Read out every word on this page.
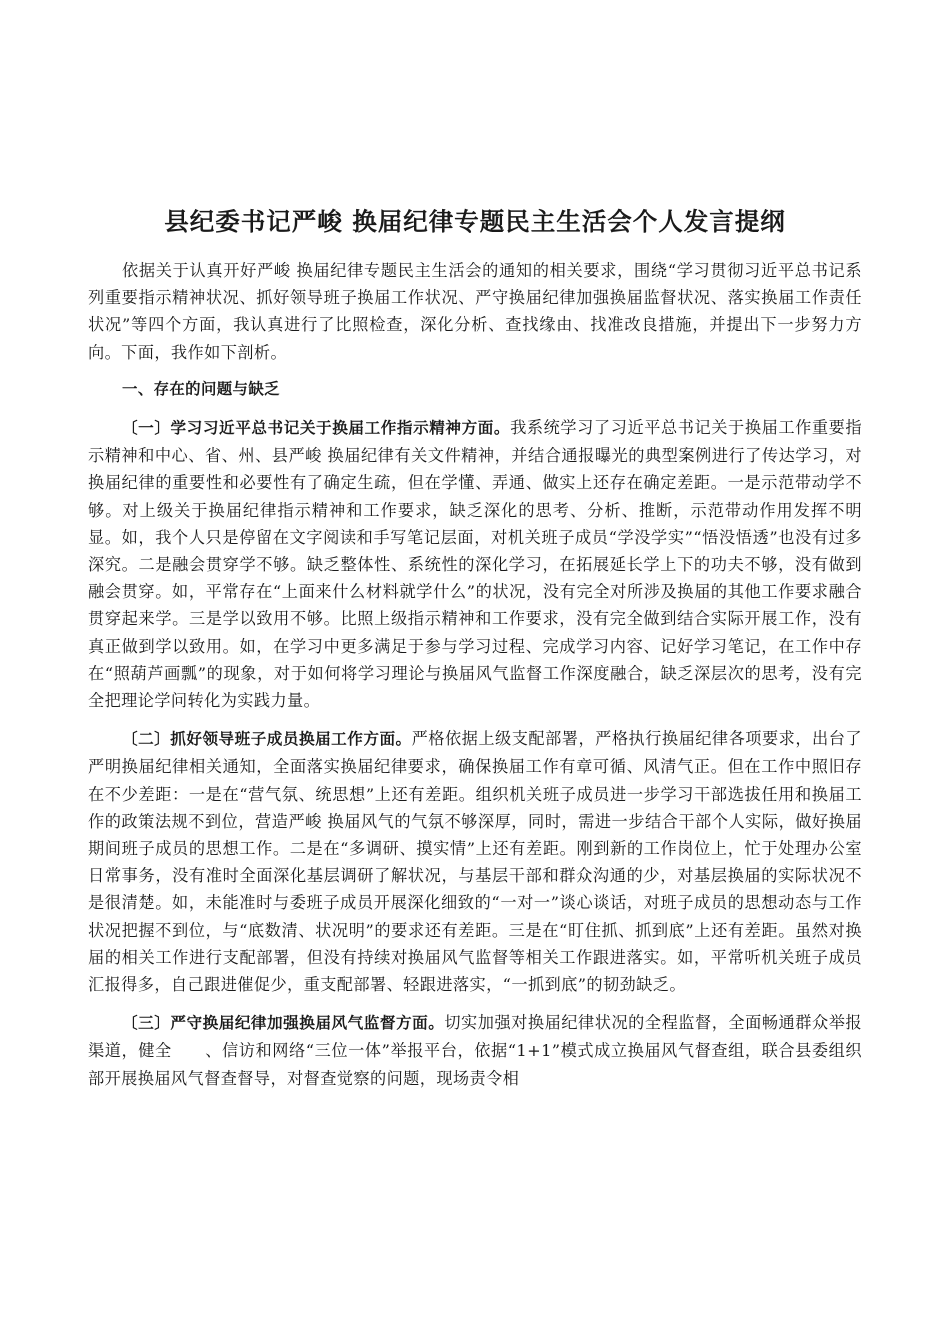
县纪委书记严峻 换届纪律专题民主生活会个人发言提纲

依据关于认真开好严峻 换届纪律专题民主生活会的通知的相关要求，围绕“学习贯彻习近平总书记系列重要指示精神状况、抓好领导班子换届工作状况、严守换届纪律加强换届监督状况、落实换届工作责任状况”等四个方面，我认真进行了比照检查，深化分析、查找缘由、找准改良措施，并提出下一步努力方向。下面，我作如下剖析。

一、存在的问题与缺乏

〔一〕学习习近平总书记关于换届工作指示精神方面。我系统学习了习近平总书记关于换届工作重要指示精神和中心、省、州、县严峻 换届纪律有关文件精神，并结合通报曝光的典型案例进行了传达学习，对换届纪律的重要性和必要性有了确定生疏，但在学懂、弄通、做实上还存在确定差距。一是示范带动学不够。对上级关于换届纪律指示精神和工作要求，缺乏深化的思考、分析、推断，示范带动作用发挥不明显。如，我个人只是停留在文字阅读和手写笔记层面，对机关班子成员“学没学实”“悟没悟透”也没有过多深究。二是融会贯穿学不够。缺乏整体性、系统性的深化学习，在拓展延长学上下的功夫不够，没有做到融会贯穿。如，平常存在“上面来什么材料就学什么”的状况，没有完全对所涉及换届的其他工作要求融合贯穿起来学。三是学以致用不够。比照上级指示精神和工作要求，没有完全做到结合实际开展工作，没有真正做到学以致用。如，在学习中更多满足于参与学习过程、完成学习内容、记好学习笔记，在工作中存在“照葫芦画瓢”的现象，对于如何将学习理论与换届风气监督工作深度融合，缺乏深层次的思考，没有完全把理论学问转化为实践力量。

〔二〕抓好领导班子成员换届工作方面。严格依据上级支配部署，严格执行换届纪律各项要求，出台了严明换届纪律相关通知，全面落实换届纪律要求，确保换届工作有章可循、风清气正。但在工作中照旧存在不少差距：一是在“营气氛、统思想”上还有差距。组织机关班子成员进一步学习干部选拔任用和换届工作的政策法规不到位，营造严峻 换届风气的气氛不够深厚，同时，需进一步结合干部个人实际，做好换届期间班子成员的思想工作。二是在“多调研、摸实情”上还有差距。刚到新的工作岗位上，忙于处理办公室日常事务，没有准时全面深化基层调研了解状况，与基层干部和群众沟通的少，对基层换届的实际状况不是很清楚。如，未能准时与委班子成员开展深化细致的“一对一”谈心谈话，对班子成员的思想动态与工作状况把握不到位，与“底数清、状况明”的要求还有差距。三是在“盯住抓、抓到底”上还有差距。虽然对换届的相关工作进行支配部署，但没有持续对换届风气监督等相关工作跟进落实。如，平常听机关班子成员汇报得多，自己跟进催促少，重支配部署、轻跟进落实，“一抓到底”的韧劲缺乏。

〔三〕严守换届纪律加强换届风气监督方面。切实加强对换届纪律状况的全程监督，全面畅通群众举报渠道，健全　　、信访和网络“三位一体”举报平台，依据“1+1”模式成立换届风气督查组，联合县委组织部开展换届风气督查督导，对督查觉察的问题，现场责令相
